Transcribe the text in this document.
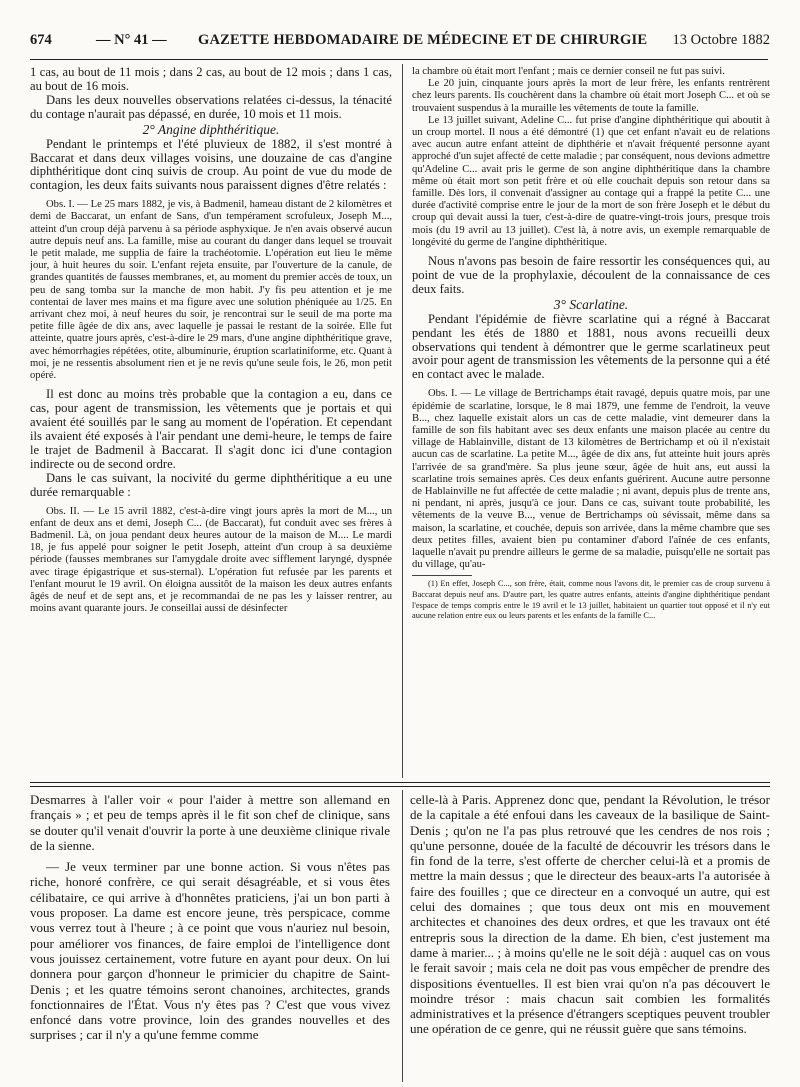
674	— N° 41 — GAZETTE HEBDOMADAIRE DE MÉDECINE ET DE CHIRURGIE 13 Octobre 1882

1 cas, au bout de 11 mois ; dans 2 cas, au bout de 12 mois ; dans 1 cas, au bout de 16 mois.

Dans les deux nouvelles observations relatées ci-dessus, la ténacité du contage n'aurait pas dépassé, en durée, 10 mois et 11 mois.

2° Angine diphthéritique.

Pendant le printemps et l'été pluvieux de 1882, il s'est montré à Baccarat et dans deux villages voisins, une douzaine de cas d'angine diphthéritique dont cinq suivis de croup. Au point de vue du mode de contagion, les deux faits suivants nous paraissent dignes d'être relatés :

Obs. I. — Le 25 mars 1882, je vis, à Badmenil, hameau distant de 2 kilomètres et demi de Baccarat, un enfant de Sans, d'un tempérament scrofuleux, Joseph M..., atteint d'un croup déjà parvenu à sa période asphyxique. Je n'en avais observé aucun autre depuis neuf ans. La famille, mise au courant du danger dans lequel se trouvait le petit malade, me supplia de faire la trachéotomie. L'opération eut lieu le même jour, à huit heures du soir. L'enfant rejeta ensuite, par l'ouverture de la canule, de grandes quantités de fausses membranes, et, au moment du premier accès de toux, un peu de sang tomba sur la manche de mon habit. J'y fis peu attention et je me contentai de laver mes mains et ma figure avec une solution phéniquée au 1/25. En arrivant chez moi, à neuf heures du soir, je rencontrai sur le seuil de ma porte ma petite fille âgée de dix ans, avec laquelle je passai le restant de la soirée. Elle fut atteinte, quatre jours après, c'est-à-dire le 29 mars, d'une angine diphthéritique grave, avec hémorrhagies répétées, otite, albuminurie, éruption scarlatiniforme, etc. Quant à moi, je ne ressentis absolument rien et je ne revis qu'une seule fois, le 26, mon petit opéré.

Il est donc au moins très probable que la contagion a eu, dans ce cas, pour agent de transmission, les vêtements que je portais et qui avaient été souillés par le sang au moment de l'opération. Et cependant ils avaient été exposés à l'air pendant une demi-heure, le temps de faire le trajet de Badmenil à Baccarat. Il s'agit donc ici d'une contagion indirecte ou de second ordre.

Dans le cas suivant, la nocivité du germe diphthéritique a eu une durée remarquable :

Obs. II. — Le 15 avril 1882, c'est-à-dire vingt jours après la mort de M..., un enfant de deux ans et demi, Joseph C... (de Baccarat), fut conduit avec ses frères à Badmenil. Là, on joua pendant deux heures autour de la maison de M.... Le mardi 18, je fus appelé pour soigner le petit Joseph, atteint d'un croup à sa deuxième période (fausses membranes sur l'amygdale droite avec sifflement laryngé, dyspnée avec tirage épigastrique et sus-sternal). L'opération fut refusée par les parents et l'enfant mourut le 19 avril. On éloigna aussitôt de la maison les deux autres enfants âgés de neuf et de sept ans, et je recommandai de ne pas les y laisser rentrer, au moins avant quarante jours. Je conseillai aussi de désinfecter

la chambre où était mort l'enfant ; mais ce dernier conseil ne fut pas suivi.

Le 20 juin, cinquante jours après la mort de leur frère, les enfants rentrèrent chez leurs parents. Ils couchèrent dans la chambre où était mort Joseph C... et où se trouvaient suspendus à la muraille les vêtements de toute la famille.

Le 13 juillet suivant, Adeline C... fut prise d'angine diphthéritique qui aboutit à un croup mortel. Il nous a été démontré (1) que cet enfant n'avait eu de relations avec aucun autre enfant atteint de diphthérie et n'avait fréquenté personne ayant approché d'un sujet affecté de cette maladie ; par conséquent, nous devions admettre qu'Adeline C... avait pris le germe de son angine diphthéritique dans la chambre même où était mort son petit frère et où elle couchait depuis son retour dans sa famille. Dès lors, il convenait d'assigner au contage qui a frappé la petite C... une durée d'activité comprise entre le jour de la mort de son frère Joseph et le début du croup qui devait aussi la tuer, c'est-à-dire de quatre-vingt-trois jours, presque trois mois (du 19 avril au 13 juillet). C'est là, à notre avis, un exemple remarquable de longévité du germe de l'angine diphthéritique.

Nous n'avons pas besoin de faire ressortir les conséquences qui, au point de vue de la prophylaxie, découlent de la connaissance de ces deux faits.

3° Scarlatine.

Pendant l'épidémie de fièvre scarlatine qui a régné à Baccarat pendant les étés de 1880 et 1881, nous avons recueilli deux observations qui tendent à démontrer que le germe scarlatineux peut avoir pour agent de transmission les vêtements de la personne qui a été en contact avec le malade.

Obs. I. — Le village de Bertrichamps était ravagé, depuis quatre mois, par une épidémie de scarlatine, lorsque, le 8 mai 1879, une femme de l'endroit, la veuve B..., chez laquelle existait alors un cas de cette maladie, vint demeurer dans la famille de son fils habitant avec ses deux enfants une maison placée au centre du village de Hablainville, distant de 13 kilomètres de Bertrichamp et où il n'existait aucun cas de scarlatine. La petite M..., âgée de dix ans, fut atteinte huit jours après l'arrivée de sa grand'mère. Sa plus jeune sœur, âgée de huit ans, eut aussi la scarlatine trois semaines après. Ces deux enfants guérirent. Aucune autre personne de Hablainville ne fut affectée de cette maladie ; ni avant, depuis plus de trente ans, ni pendant, ni après, jusqu'à ce jour. Dans ce cas, suivant toute probabilité, les vêtements de la veuve B..., venue de Bertrichamps où sévissait, même dans sa maison, la scarlatine, et couchée, depuis son arrivée, dans la même chambre que ses deux petites filles, avaient bien pu contaminer d'abord l'aînée de ces enfants, laquelle n'avait pu prendre ailleurs le germe de sa maladie, puisqu'elle ne sortait pas du village, qu'au-

(1) En effet, Joseph C..., son frère, était, comme nous l'avons dit, le premier cas de croup survenu à Baccarat depuis neuf ans. D'autre part, les quatre autres enfants, atteints d'angine diphthéritique pendant l'espace de temps compris entre le 19 avril et le 13 juillet, habitaient un quartier tout opposé et il n'y eut aucune relation entre eux ou leurs parents et les enfants de la famille C...

Desmarres à l'aller voir « pour l'aider à mettre son allemand en français » ; et peu de temps après il le fit son chef de clinique, sans se douter qu'il venait d'ouvrir la porte à une deuxième clinique rivale de la sienne.

— Je veux terminer par une bonne action. Si vous n'êtes pas riche, honoré confrère, ce qui serait désagréable, et si vous êtes célibataire, ce qui arrive à d'honnêtes praticiens, j'ai un bon parti à vous proposer. La dame est encore jeune, très perspicace, comme vous verrez tout à l'heure ; à ce point que vous n'auriez nul besoin, pour améliorer vos finances, de faire emploi de l'intelligence dont vous jouissez certainement, votre future en ayant pour deux. On lui donnera pour garçon d'honneur le primicier du chapitre de Saint-Denis ; et les quatre témoins seront chanoines, architectes, grands fonctionnaires de l'État. Vous n'y êtes pas ? C'est que vous vivez enfoncé dans votre province, loin des grandes nouvelles et des surprises ; car il n'y a qu'une femme comme

celle-là à Paris. Apprenez donc que, pendant la Révolution, le trésor de la capitale a été enfoui dans les caveaux de la basilique de Saint-Denis ; qu'on ne l'a pas plus retrouvé que les cendres de nos rois ; qu'une personne, douée de la faculté de découvrir les trésors dans le fin fond de la terre, s'est offerte de chercher celui-là et a promis de mettre la main dessus ; que le directeur des beaux-arts l'a autorisée à faire des fouilles ; que ce directeur en a convoqué un autre, qui est celui des domaines ; que tous deux ont mis en mouvement architectes et chanoines des deux ordres, et que les travaux ont été entrepris sous la direction de la dame. Eh bien, c'est justement ma dame à marier... ; à moins qu'elle ne le soit déjà : auquel cas on vous le ferait savoir ; mais cela ne doit pas vous empêcher de prendre des dispositions éventuelles. Il est bien vrai qu'on n'a pas découvert le moindre trésor : mais chacun sait combien les formalités administratives et la présence d'étrangers sceptiques peuvent troubler une opération de ce genre, qui ne réussit guère que sans témoins.
